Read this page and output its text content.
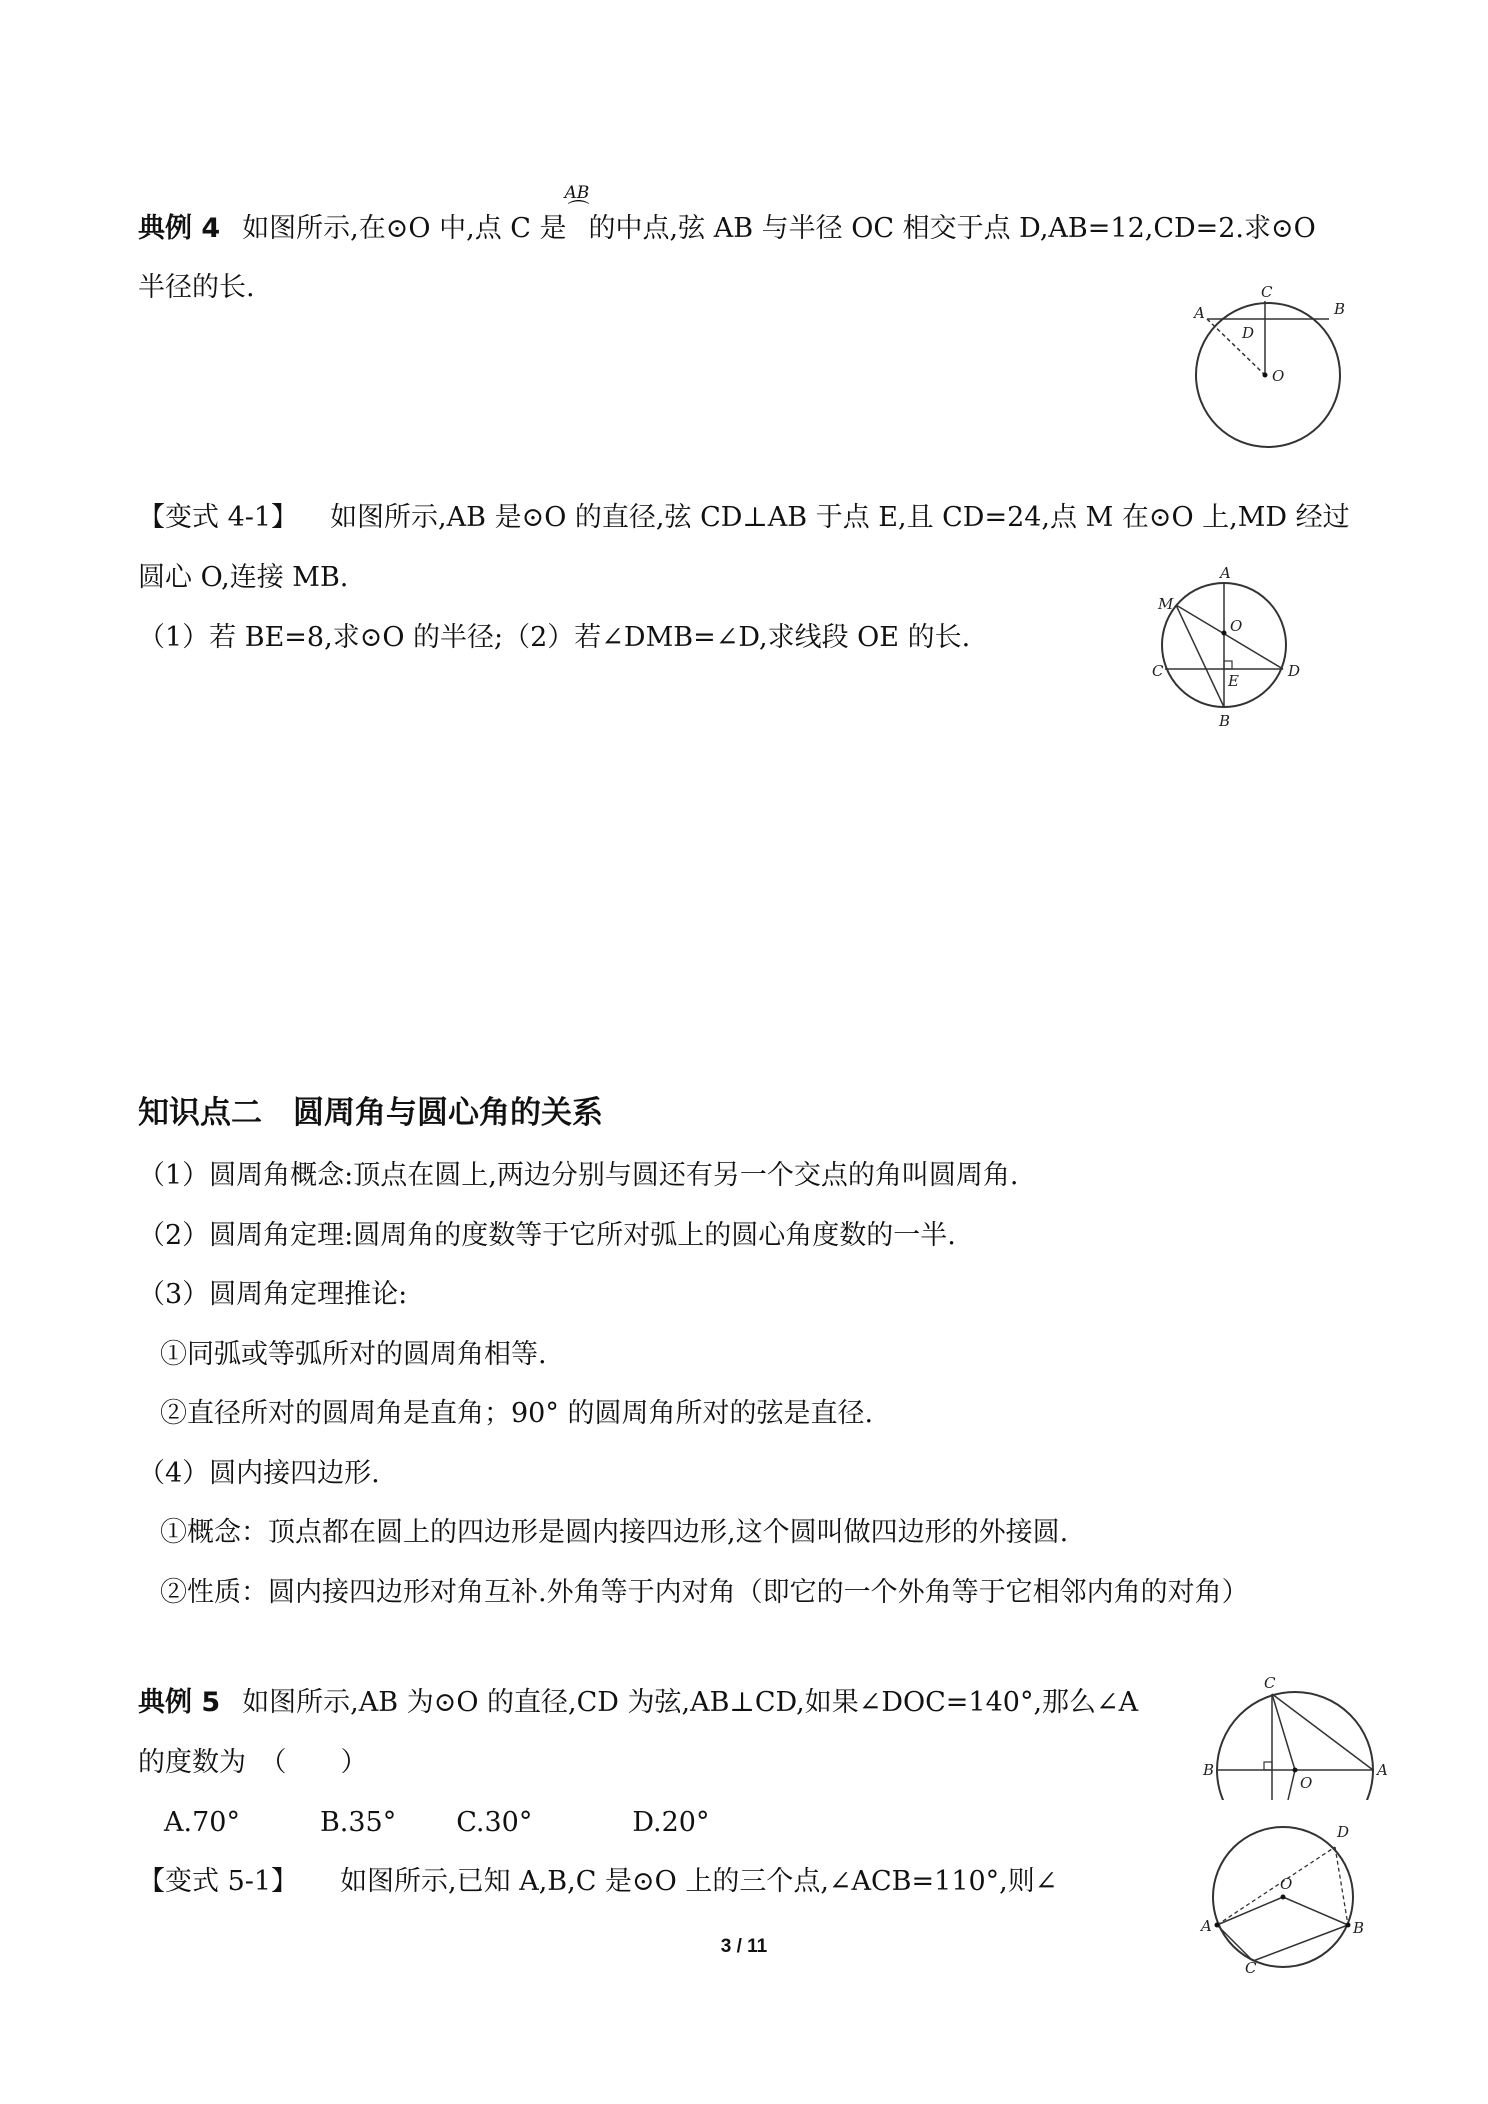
典例 4 如图所示,在⊙O 中,点 C 是
AB
⌒
的中点,弦 AB 与半径 OC 相交于点 D,AB=12,CD=2.求⊙O
半径的长.	C
A	B
D
O
【变式 4-1】 如图所示,AB 是⊙O 的直径,弦 CD⊥AB 于点 E,且 CD=24,点 M 在⊙O 上,MD 经过
圆心 O,连接 MB.
（1）若 BE=8,求⊙O 的半径;（2）若∠DMB=∠D,求线段 OE 的长.
A
M
O
C	D
E
B
知识点二　圆周角与圆心角的关系
（1）圆周角概念:顶点在圆上,两边分别与圆还有另一个交点的角叫圆周角.
（2）圆周角定理:圆周角的度数等于它所对弧上的圆心角度数的一半.
（3）圆周角定理推论:
①同弧或等弧所对的圆周角相等.
②直径所对的圆周角是直角；90° 的圆周角所对的弦是直径.
（4）圆内接四边形.
①概念：顶点都在圆上的四边形是圆内接四边形,这个圆叫做四边形的外接圆.
②性质：圆内接四边形对角互补.外角等于内对角（即它的一个外角等于它相邻内角的对角）
典例 5 如图所示,AB 为⊙O 的直径,CD 为弦,AB⊥CD,如果∠DOC=140°,那么∠A
的度数为　（　　）
A.70°	B.35° C.30°	D.20°
C
B	A
O
【变式 5-1】 如图所示,已知 A,B,C 是⊙O 上的三个点,∠ACB=110°,则∠
D
O
A	B
C
3 / 11
